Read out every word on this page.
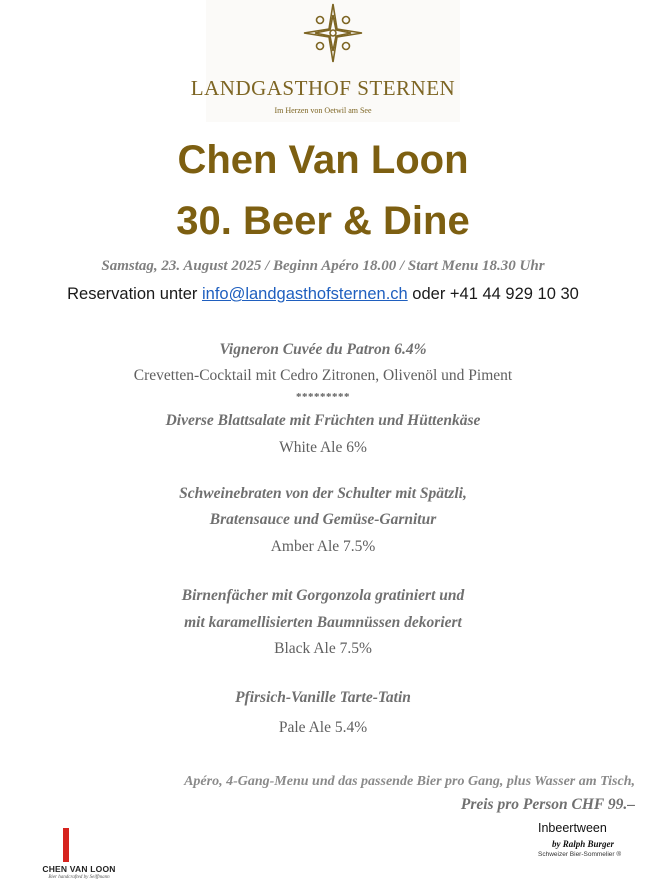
LANDGASTHOF STERNEN
Im Herzen von Oetwil am See
Chen Van Loon
30. Beer & Dine
Samstag, 23. August 2025 / Beginn Apéro 18.00 / Start Menu 18.30 Uhr
Reservation unter info@landgasthofsternen.ch oder +41 44 929 10 30
Vigneron Cuvée du Patron 6.4%
Crevetten-Cocktail mit Cedro Zitronen, Olivenöl und Piment
*********
Diverse Blattsalate mit Früchten und Hüttenkäse
White Ale 6%
Schweinebraten von der Schulter mit Spätzli,
Bratensauce und Gemüse-Garnitur
Amber Ale 7.5%
Birnenfächer mit Gorgonzola gratiniert und
mit karamellisierten Baumnüssen dekoriert
Black Ale 7.5%
Pfirsich-Vanille Tarte-Tatin
Pale Ale 5.4%
Apéro, 4-Gang-Menu und das passende Bier pro Gang, plus Wasser am Tisch,
Preis pro Person CHF 99.–
CHEN VAN LOON
Bier handcrafted by Seiffmann
Inbeertween
by Ralph Burger
Schweizer Bier-Sommelier ®
